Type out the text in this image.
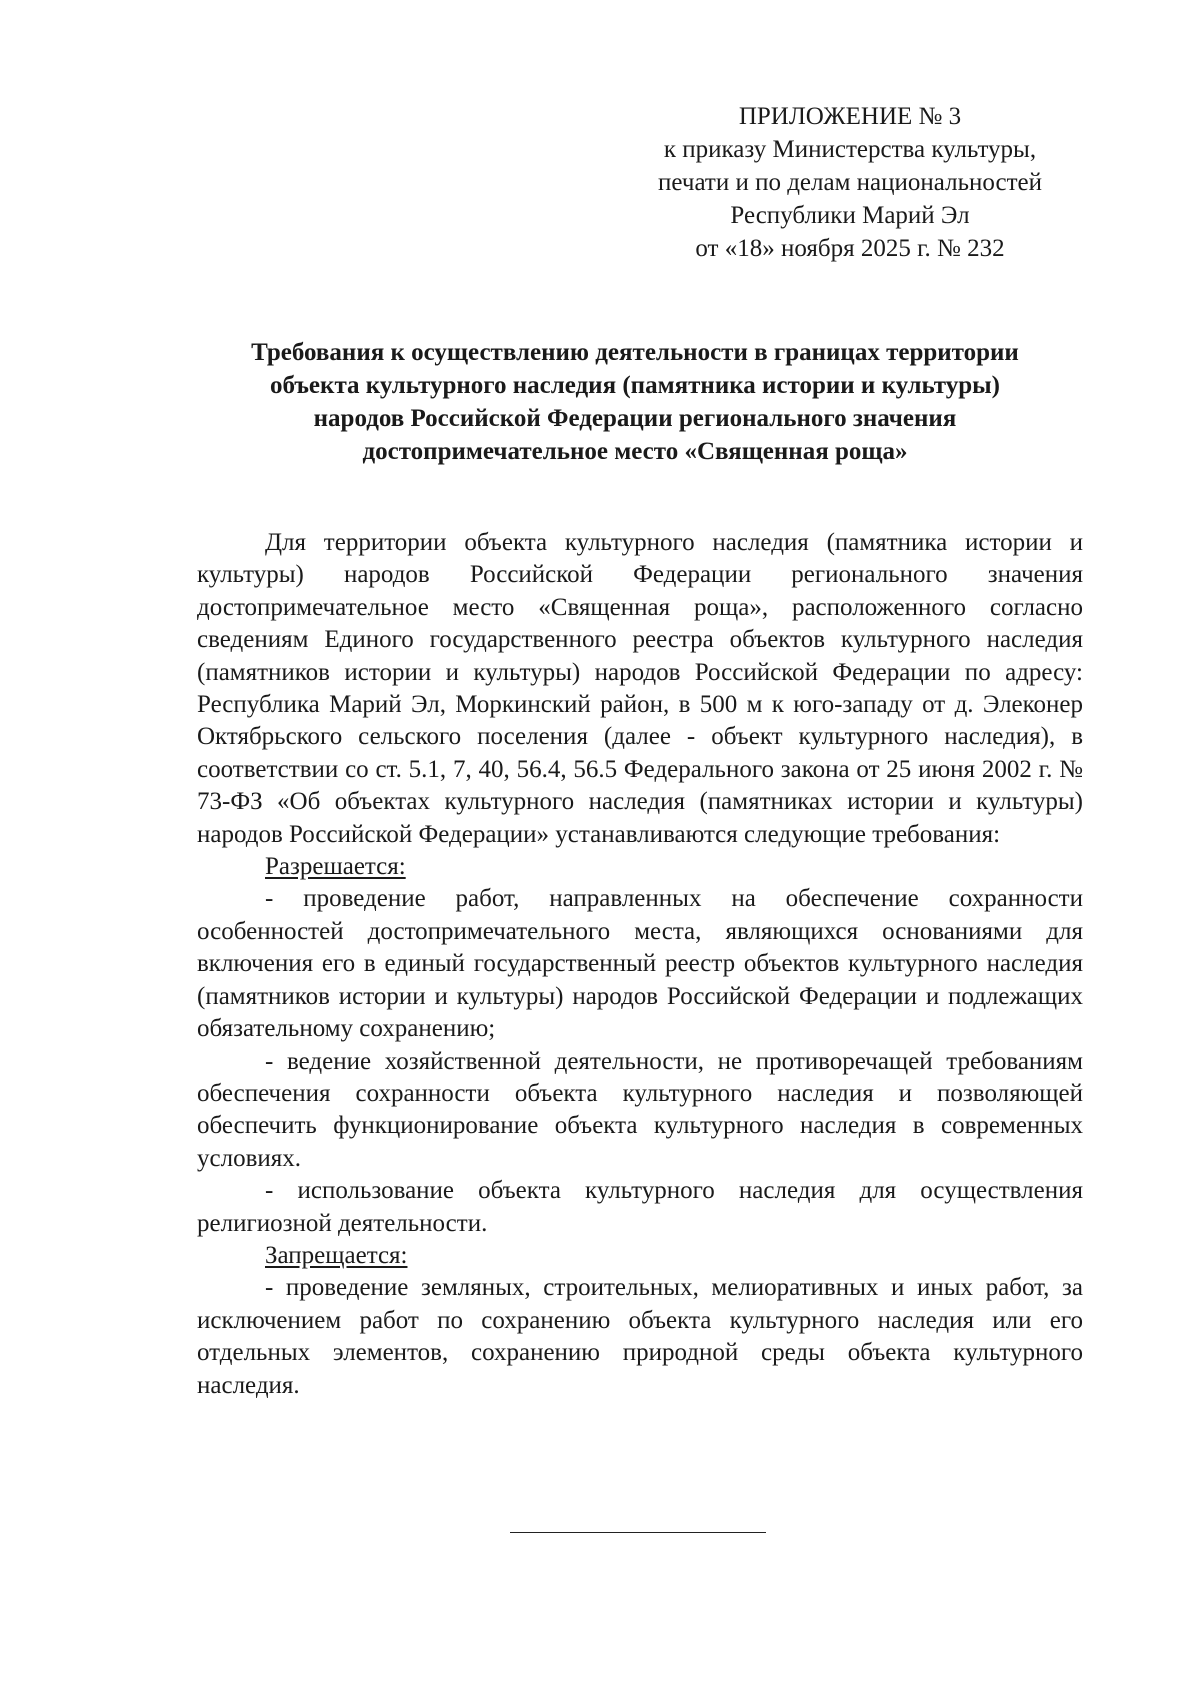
ПРИЛОЖЕНИЕ № 3
к приказу Министерства культуры,
печати и по делам национальностей
Республики Марий Эл
от «18» ноября 2025 г. № 232
Требования к осуществлению деятельности в границах территории
объекта культурного наследия (памятника истории и культуры)
народов Российской Федерации регионального значения
достопримечательное место «Священная роща»

Для территории объекта культурного наследия (памятника истории и культуры) народов Российской Федерации регионального значения достопримечательное место «Священная роща», расположенного согласно сведениям Единого государственного реестра объектов культурного наследия (памятников истории и культуры) народов Российской Федерации по адресу: Республика Марий Эл, Моркинский район, в 500 м к юго-западу от д. Элеконер Октябрьского сельского поселения (далее - объект культурного наследия), в соответствии со ст. 5.1, 7, 40, 56.4, 56.5 Федерального закона от 25 июня 2002 г. № 73-ФЗ «Об объектах культурного наследия (памятниках истории и культуры) народов Российской Федерации» устанавливаются следующие требования:

Разрешается:

- проведение работ, направленных на обеспечение сохранности особенностей достопримечательного места, являющихся основаниями для включения его в единый государственный реестр объектов культурного наследия (памятников истории и культуры) народов Российской Федерации и подлежащих обязательному сохранению;

- ведение хозяйственной деятельности, не противоречащей требованиям обеспечения сохранности объекта культурного наследия и позволяющей обеспечить функционирование объекта культурного наследия в современных условиях.

- использование объекта культурного наследия для осуществления религиозной деятельности.

Запрещается:

- проведение земляных, строительных, мелиоративных и иных работ, за исключением работ по сохранению объекта культурного наследия или его отдельных элементов, сохранению природной среды объекта культурного наследия.
